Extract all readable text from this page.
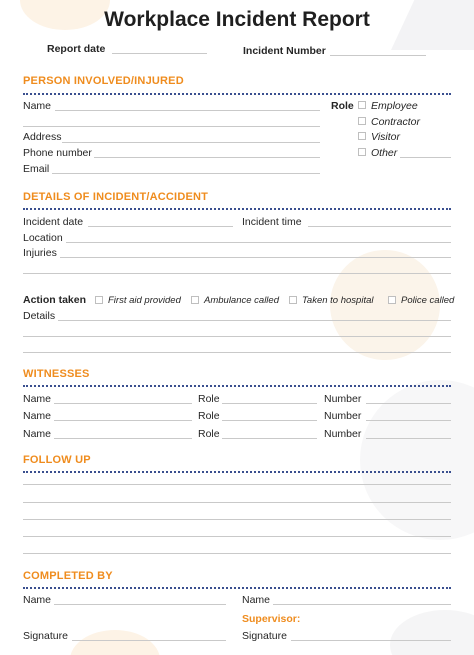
Workplace Incident Report
Report date	Incident Number
PERSON INVOLVED/INJURED
Name
Address
Phone number
Email
Role Employee
Contractor
Visitor
Other
DETAILS OF INCIDENT/ACCIDENT
Incident date	Incident time
Location
Injuries
Action taken First aid provided Ambulance called Taken to hospital	Police called
Details
WITNESSES
Name	Role	Number
Name	Role	Number
Name	Role	Number
FOLLOW UP
COMPLETED BY
Name	Name
Supervisor:
Signature	Signature
